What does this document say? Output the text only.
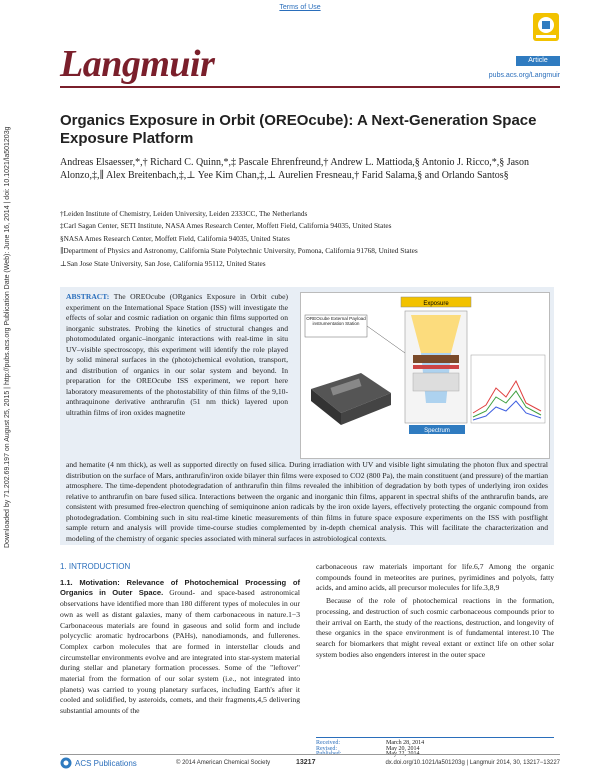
Terms of Use
Langmuir	Article
pubs.acs.org/Langmuir
Organics Exposure in Orbit (OREOcube): A Next-Generation Space Exposure Platform
Andreas Elsaesser,*,† Richard C. Quinn,*,‡ Pascale Ehrenfreund,† Andrew L. Mattioda,§ Antonio J. Ricco,*,§ Jason Alonzo,‡,∥ Alex Breitenbach,‡,⊥ Yee Kim Chan,‡,⊥ Aurelien Fresneau,† Farid Salama,§ and Orlando Santos§
†Leiden Institute of Chemistry, Leiden University, Leiden 2333CC, The Netherlands
‡Carl Sagan Center, SETI Institute, NASA Ames Research Center, Moffett Field, California 94035, United States
§NASA Ames Research Center, Moffett Field, California 94035, United States
∥Department of Physics and Astronomy, California State Polytechnic University, Pomona, California 91768, United States
⊥San Jose State University, San Jose, California 95112, United States
Downloaded by 71.202.69.197 on August 25, 2015 | http://pubs.acs.org Publication Date (Web): June 16, 2014 | doi: 10.1021/la501203g	ABSTRACT: The OREOcube (ORganics Exposure in Orbit cube) experiment on the International Space Station (ISS) will investigate the effects of solar and cosmic radiation on organic thin films supported on inorganic substrates. Probing the kinetics of structural changes and photomodulated organic–inorganic interactions with real-time in situ UV–visible spectroscopy, this experiment will identify the role played by solid mineral surfaces in the (photo)chemical evolution, transport, and distribution of organics in our solar system and beyond. In preparation for the OREOcube ISS experiment, we report here laboratory measurements of the photostability of thin films of the 9,10-anthraquinone derivative anthrarufin (51 nm thick) layered upon ultrathin films of iron oxides magnetite
Exposure
Spectrum
OREOcube External Payload instrumentation Station
and hematite (4 nm thick), as well as supported directly on fused silica. During irradiation with UV and visible light simulating the photon flux and spectral distribution on the surface of Mars, anthrarufin/iron oxide bilayer thin films were exposed to CO2 (800 Pa), the main constituent (and pressure) of the martian atmosphere. The time-dependent photodegradation of anthrarufin thin films revealed the inhibition of degradation by both types of underlying iron oxides relative to anthrarufin on bare fused silica. Interactions between the organic and inorganic thin films, apparent in spectral shifts of the anthrarufin bands, are consistent with presumed free-electron quenching of semiquinone anion radicals by the iron oxide layers, effectively protecting the organic compound from photodegradation. Combining such in situ real-time kinetic measurements of thin films in future space exposure experiments on the ISS with postflight sample return and analysis will provide time-course studies complemented by in-depth chemical analysis. This will facilitate the characterization and modeling of the chemistry of organic species associated with mineral surfaces in astrobiological contexts.
1. INTRODUCTION
1.1. Motivation: Relevance of Photochemical Processing of Organics in Outer Space. Ground- and space-based astronomical observations have identified more than 180 different types of molecules in our own as well as distant galaxies, many of them carbonaceous in nature.1−3 Carbonaceous materials are found in gaseous and solid form and include polycyclic aromatic hydrocarbons (PAHs), nanodiamonds, and fullerenes. Complex carbon molecules that are formed in interstellar clouds and circumstellar environments evolve and are integrated into star-system material during stellar and planetary formation processes. Some of the "leftover" material from the formation of our solar system (i.e., not integrated into planets) was carried to young planetary surfaces, including Earth's after it cooled and solidified, by asteroids, comets, and their fragments,4,5 delivering substantial amounts of the
carbonaceous raw materials important for life.6,7 Among the organic compounds found in meteorites are purines, pyrimidines and polyols, fatty acids, and amino acids, all precursor molecules for life.3,8,9
Because of the role of photochemical reactions in the formation, processing, and destruction of such cosmic carbonaceous compounds prior to their arrival on Earth, the study of the reactions, destruction, and longevity of these organics in the space environment is of fundamental interest.10 The search for biomarkers that might reveal extant or extinct life on other solar system bodies also engenders interest in the outer space
Received:	March 28, 2014
Revised:	May 20, 2014
ACS Publications	© 2014 American Chemical Society	13217	dx.doi.org/10.1021/la501203g | Langmuir 2014, 30, 13217−13227
